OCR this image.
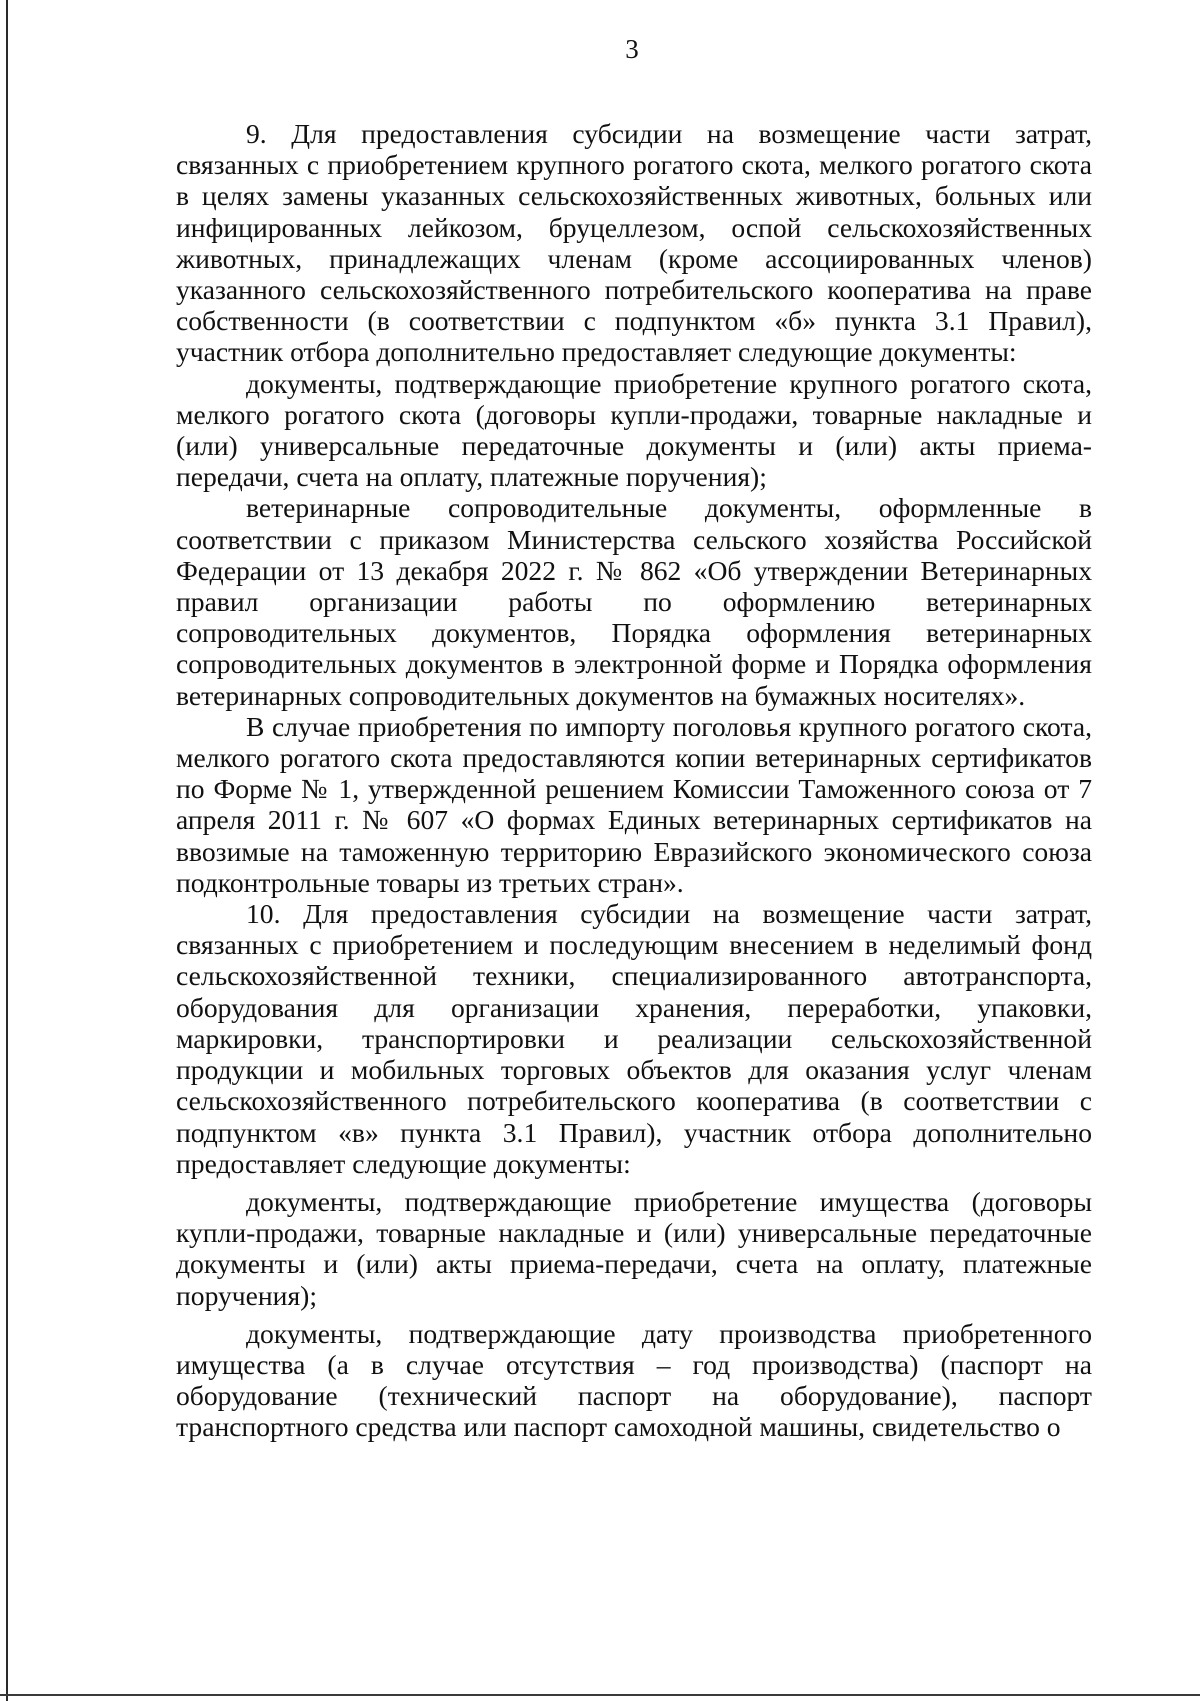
3

9. Для предоставления субсидии на возмещение части затрат, связанных с приобретением крупного рогатого скота, мелкого рогатого скота в целях замены указанных сельскохозяйственных животных, больных или инфицированных лейкозом, бруцеллезом, оспой сельскохозяйственных животных, принадлежащих членам (кроме ассоциированных членов) указанного сельскохозяйственного потребительского кооператива на праве собственности (в соответствии с подпунктом «б» пункта 3.1 Правил), участник отбора дополнительно предоставляет следующие документы:

документы, подтверждающие приобретение крупного рогатого скота, мелкого рогатого скота (договоры купли-продажи, товарные накладные и (или) универсальные передаточные документы и (или) акты приема-передачи, счета на оплату, платежные поручения);

ветеринарные сопроводительные документы, оформленные в соответствии с приказом Министерства сельского хозяйства Российской Федерации от 13 декабря 2022 г. № 862 «Об утверждении Ветеринарных правил организации работы по оформлению ветеринарных сопроводительных документов, Порядка оформления ветеринарных сопроводительных документов в электронной форме и Порядка оформления ветеринарных сопроводительных документов на бумажных носителях».

В случае приобретения по импорту поголовья крупного рогатого скота, мелкого рогатого скота предоставляются копии ветеринарных сертификатов по Форме № 1, утвержденной решением Комиссии Таможенного союза от 7 апреля 2011 г. № 607 «О формах Единых ветеринарных сертификатов на ввозимые на таможенную территорию Евразийского экономического союза подконтрольные товары из третьих стран».

10. Для предоставления субсидии на возмещение части затрат, связанных с приобретением и последующим внесением в неделимый фонд сельскохозяйственной техники, специализированного автотранспорта, оборудования для организации хранения, переработки, упаковки, маркировки, транспортировки и реализации сельскохозяйственной продукции и мобильных торговых объектов для оказания услуг членам сельскохозяйственного потребительского кооператива (в соответствии с подпунктом «в» пункта 3.1 Правил), участник отбора дополнительно предоставляет следующие документы:

документы, подтверждающие приобретение имущества (договоры купли-продажи, товарные накладные и (или) универсальные передаточные документы и (или) акты приема-передачи, счета на оплату, платежные поручения);

документы, подтверждающие дату производства приобретенного имущества (а в случае отсутствия – год производства) (паспорт на оборудование (технический паспорт на оборудование), паспорт транспортного средства или паспорт самоходной машины, свидетельство о
